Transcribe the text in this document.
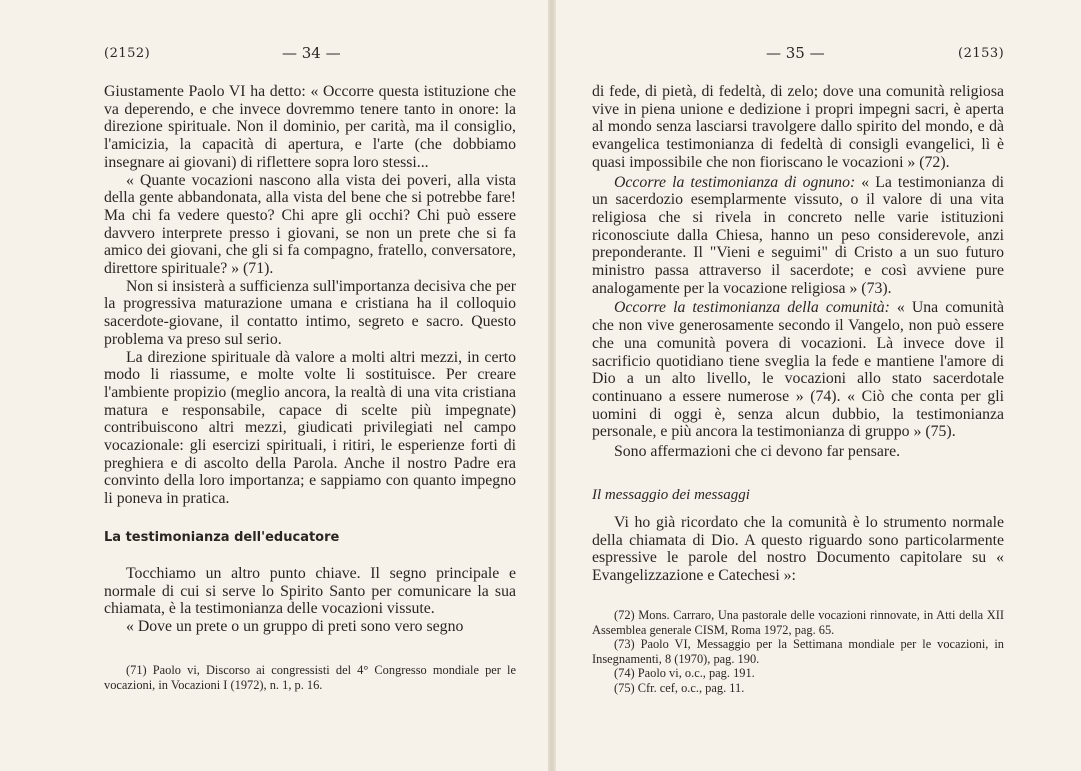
(2152)	— 34 —

Giustamente Paolo VI ha detto: « Occorre questa istituzione che va deperendo, e che invece dovremmo tenere tanto in onore: la direzione spirituale. Non il dominio, per carità, ma il consiglio, l'amicizia, la capacità di apertura, e l'arte (che dobbiamo insegnare ai giovani) di riflettere sopra loro stessi...

« Quante vocazioni nascono alla vista dei poveri, alla vista della gente abbandonata, alla vista del bene che si potrebbe fare! Ma chi fa vedere questo? Chi apre gli occhi? Chi può essere davvero interprete presso i giovani, se non un prete che si fa amico dei giovani, che gli si fa compagno, fratello, conversatore, direttore spirituale? » (71).

Non si insisterà a sufficienza sull'importanza decisiva che per la progressiva maturazione umana e cristiana ha il colloquio sacerdote-giovane, il contatto intimo, segreto e sacro. Questo problema va preso sul serio.

La direzione spirituale dà valore a molti altri mezzi, in certo modo li riassume, e molte volte li sostituisce. Per creare l'ambiente propizio (meglio ancora, la realtà di una vita cristiana matura e responsabile, capace di scelte più impegnate) contribuiscono altri mezzi, giudicati privilegiati nel campo vocazionale: gli esercizi spirituali, i ritiri, le esperienze forti di preghiera e di ascolto della Parola. Anche il nostro Padre era convinto della loro importanza; e sappiamo con quanto impegno li poneva in pratica.

La testimonianza dell'educatore

Tocchiamo un altro punto chiave. Il segno principale e normale di cui si serve lo Spirito Santo per comunicare la sua chiamata, è la testimonianza delle vocazioni vissute.

« Dove un prete o un gruppo di preti sono vero segno

(71) Paolo vi, Discorso ai congressisti del 4° Congresso mondiale per le vocazioni, in Vocazioni I (1972), n. 1, p. 16.

— 35 —	(2153)

di fede, di pietà, di fedeltà, di zelo; dove una comunità religiosa vive in piena unione e dedizione i propri impegni sacri, è aperta al mondo senza lasciarsi travolgere dallo spirito del mondo, e dà evangelica testimonianza di fedeltà di consigli evangelici, lì è quasi impossibile che non fioriscano le vocazioni » (72).

Occorre la testimonianza di ognuno: « La testimonianza di un sacerdozio esemplarmente vissuto, o il valore di una vita religiosa che si rivela in concreto nelle varie istituzioni riconosciute dalla Chiesa, hanno un peso considerevole, anzi preponderante. Il "Vieni e seguimi" di Cristo a un suo futuro ministro passa attraverso il sacerdote; e così avviene pure analogamente per la vocazione religiosa » (73).

Occorre la testimonianza della comunità: « Una comunità che non vive generosamente secondo il Vangelo, non può essere che una comunità povera di vocazioni. Là invece dove il sacrificio quotidiano tiene sveglia la fede e mantiene l'amore di Dio a un alto livello, le vocazioni allo stato sacerdotale continuano a essere numerose » (74). « Ciò che conta per gli uomini di oggi è, senza alcun dubbio, la testimonianza personale, e più ancora la testimonianza di gruppo » (75).

Sono affermazioni che ci devono far pensare.

Il messaggio dei messaggi

Vi ho già ricordato che la comunità è lo strumento normale della chiamata di Dio. A questo riguardo sono particolarmente espressive le parole del nostro Documento capitolare su « Evangelizzazione e Catechesi »:

(72) Mons. Carraro, Una pastorale delle vocazioni rinnovate, in Atti della XII Assemblea generale CISM, Roma 1972, pag. 65.

(73) Paolo VI, Messaggio per la Settimana mondiale per le vocazioni, in Insegnamenti, 8 (1970), pag. 190.

(74) Paolo vi, o.c., pag. 191.

(75) Cfr. cef, o.c., pag. 11.
